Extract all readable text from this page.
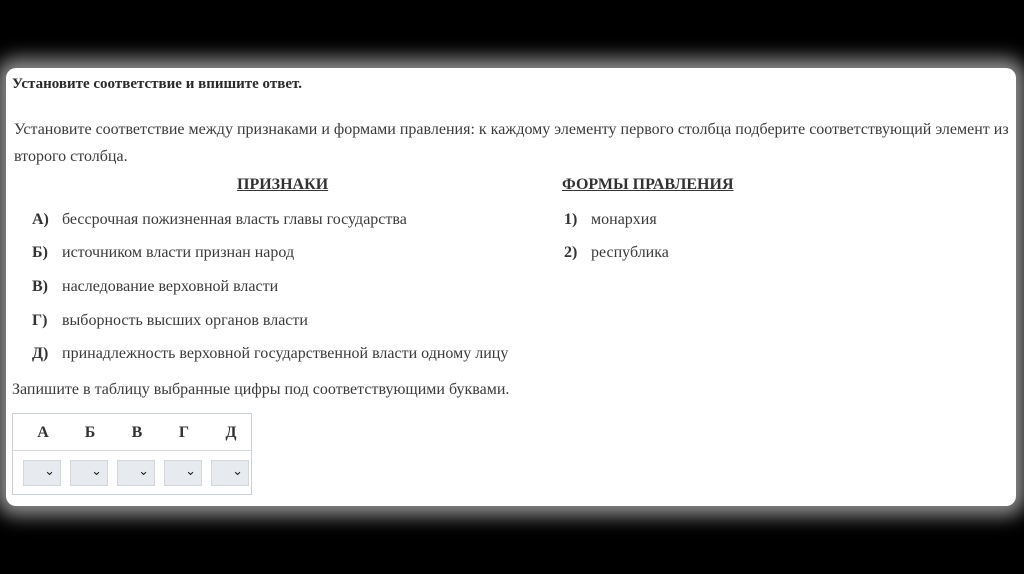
Установите соответствие и впишите ответ.
Установите соответствие между признаками и формами правления: к каждому элементу первого столбца подберите соответствующий элемент из второго столбца.
ПРИЗНАКИ	ФОРМЫ ПРАВЛЕНИЯ
А) бессрочная пожизненная власть главы государства
Б) источником власти признан народ
В) наследование верховной власти
Г) выборность высших органов власти
Д) принадлежность верховной государственной власти одному лицу
1) монархия
2) республика
Запишите в таблицу выбранные цифры под соответствующими буквами.
А	Б	В	Г	Д
⌄	⌄	⌄	⌄	⌄
